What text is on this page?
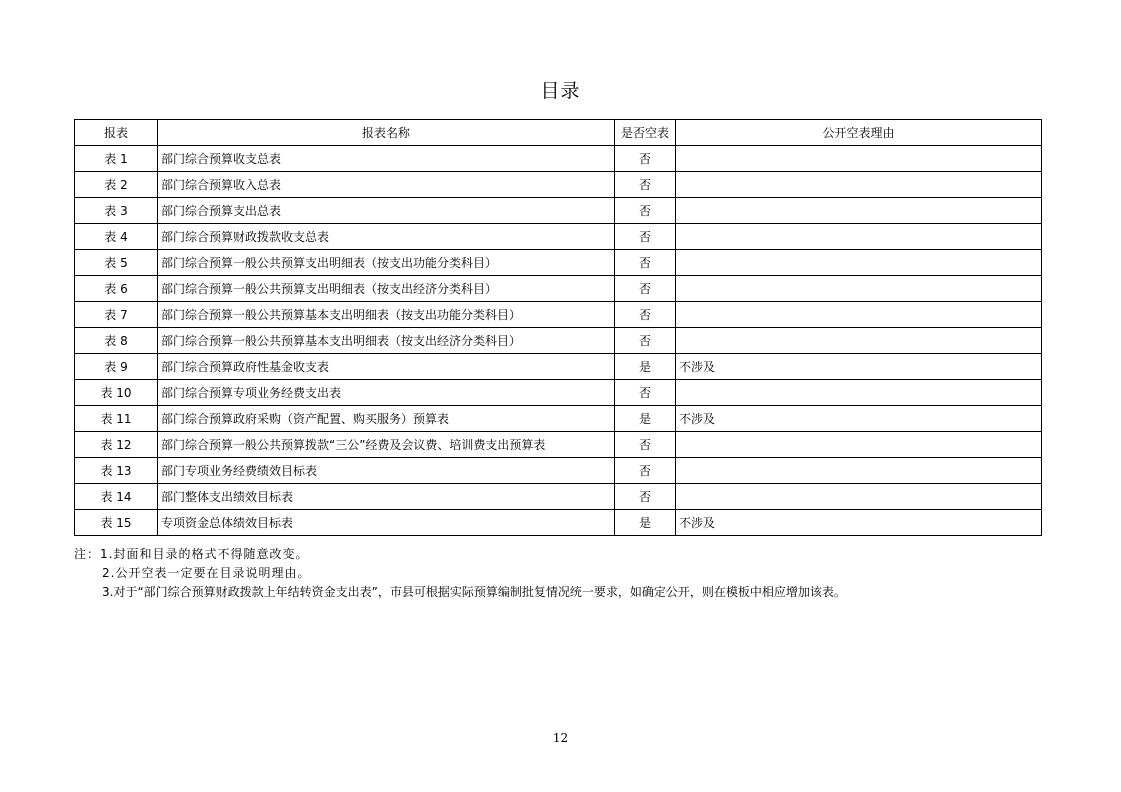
目录
报表	报表名称	是否空表	公开空表理由
表 1	部门综合预算收支总表	否	
表 2	部门综合预算收入总表	否	
表 3	部门综合预算支出总表	否	
表 4	部门综合预算财政拨款收支总表	否	
表 5	部门综合预算一般公共预算支出明细表（按支出功能分类科目）	否	
表 6	部门综合预算一般公共预算支出明细表（按支出经济分类科目）	否	
表 7	部门综合预算一般公共预算基本支出明细表（按支出功能分类科目）	否	
表 8	部门综合预算一般公共预算基本支出明细表（按支出经济分类科目）	否	
表 9	部门综合预算政府性基金收支表	是	不涉及
表 10	部门综合预算专项业务经费支出表	否	
表 11	部门综合预算政府采购（资产配置、购买服务）预算表	是	不涉及
表 12	部门综合预算一般公共预算拨款“三公”经费及会议费、培训费支出预算表	否	
表 13	部门专项业务经费绩效目标表	否	
表 14	部门整体支出绩效目标表	否	
表 15	专项资金总体绩效目标表	是	不涉及
注：1.封面和目录的格式不得随意改变。
2.公开空表一定要在目录说明理由。
3.对于“部门综合预算财政拨款上年结转资金支出表”，市县可根据实际预算编制批复情况统一要求，如确定公开，则在模板中相应增加该表。
12
